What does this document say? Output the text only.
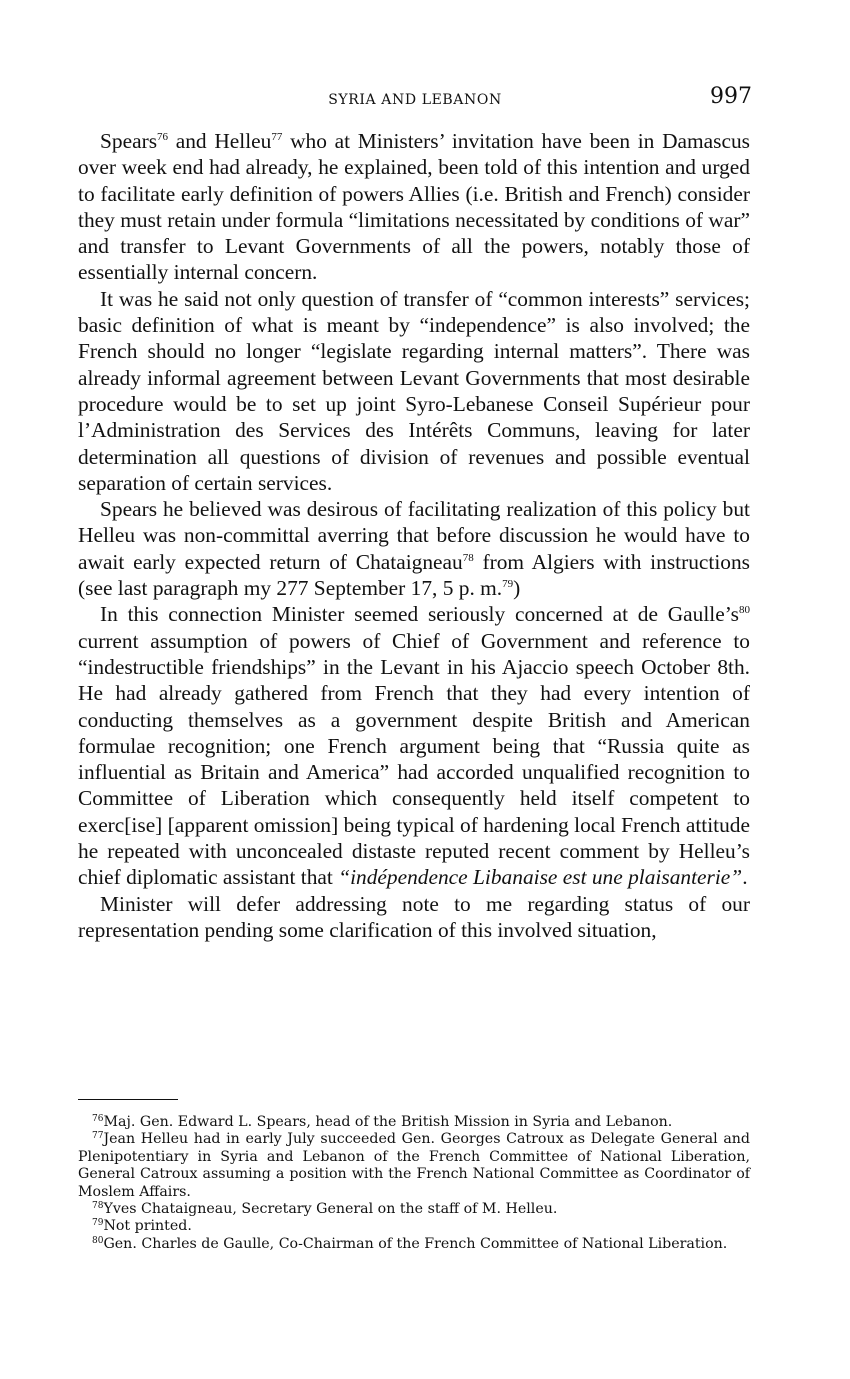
SYRIA AND LEBANON	997

Spears$^{76}$ and Helleu$^{77}$ who at Ministers’ invitation have been in Damascus over week end had already, he explained, been told of this intention and urged to facilitate early definition of powers Allies (i.e. British and French) consider they must retain under formula “limitations necessitated by conditions of war” and transfer to Levant Governments of all the powers, notably those of essentially internal concern.

It was he said not only question of transfer of “common interests” services; basic definition of what is meant by “independence” is also involved; the French should no longer “legislate regarding internal matters”. There was already informal agreement between Levant Governments that most desirable procedure would be to set up joint Syro-Lebanese Conseil Supérieur pour l’Administration des Services des Intérêts Communs, leaving for later determination all questions of division of revenues and possible eventual separation of certain services.

Spears he believed was desirous of facilitating realization of this policy but Helleu was non-committal averring that before discussion he would have to await early expected return of Chataigneau$^{78}$ from Algiers with instructions (see last paragraph my 277 September 17, 5 p. m.$^{79}$)

In this connection Minister seemed seriously concerned at de Gaulle’s$^{80}$ current assumption of powers of Chief of Government and reference to “indestructible friendships” in the Levant in his Ajaccio speech October 8th. He had already gathered from French that they had every intention of conducting themselves as a government despite British and American formulae recognition; one French argument being that “Russia quite as influential as Britain and America” had accorded unqualified recognition to Committee of Liberation which consequently held itself competent to exerc[ise] [apparent omission] being typical of hardening local French attitude he repeated with unconcealed distaste reputed recent comment by Helleu’s chief diplomatic assistant that “indépendence Libanaise est une plaisanterie”.

Minister will defer addressing note to me regarding status of our representation pending some clarification of this involved situation,

$^{76}$Maj. Gen. Edward L. Spears, head of the British Mission in Syria and Lebanon.

$^{77}$Jean Helleu had in early July succeeded Gen. Georges Catroux as Delegate General and Plenipotentiary in Syria and Lebanon of the French Committee of National Liberation, General Catroux assuming a position with the French National Committee as Coordinator of Moslem Affairs.

$^{78}$Yves Chataigneau, Secretary General on the staff of M. Helleu.

$^{79}$Not printed.

$^{80}$Gen. Charles de Gaulle, Co-Chairman of the French Committee of National Liberation.
